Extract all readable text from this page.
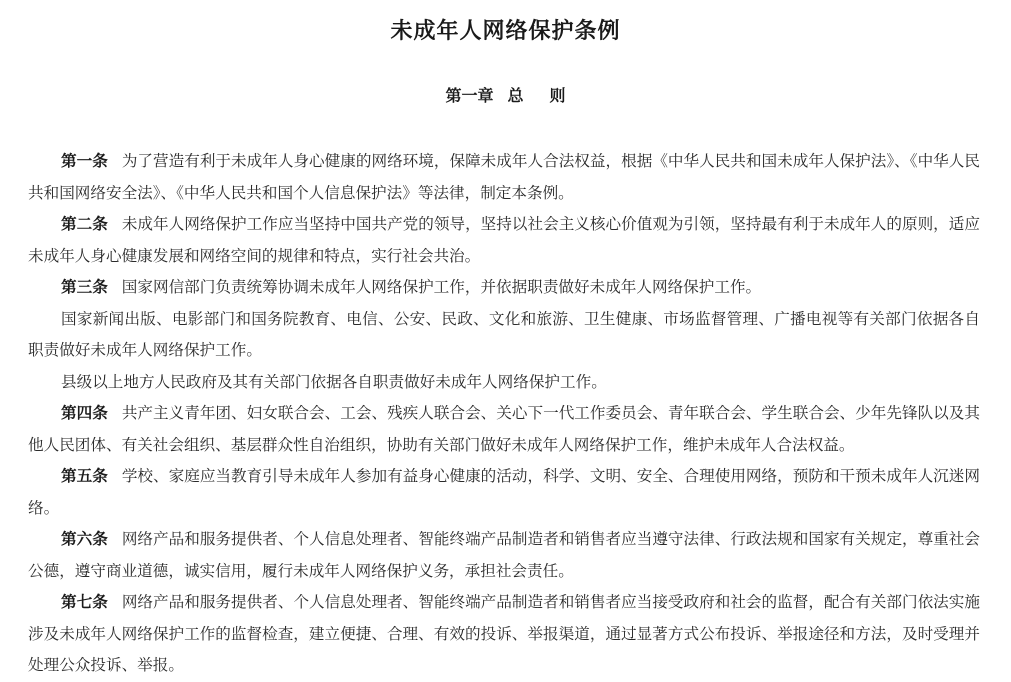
未成年人网络保护条例
第一章 总 则

第一条 为了营造有利于未成年人身心健康的网络环境，保障未成年人合法权益，根据《中华人民共和国未成年人保护法》、《中华人民共和国网络安全法》、《中华人民共和国个人信息保护法》等法律，制定本条例。

第二条 未成年人网络保护工作应当坚持中国共产党的领导，坚持以社会主义核心价值观为引领，坚持最有利于未成年人的原则，适应未成年人身心健康发展和网络空间的规律和特点，实行社会共治。

第三条 国家网信部门负责统筹协调未成年人网络保护工作，并依据职责做好未成年人网络保护工作。

国家新闻出版、电影部门和国务院教育、电信、公安、民政、文化和旅游、卫生健康、市场监督管理、广播电视等有关部门依据各自职责做好未成年人网络保护工作。

县级以上地方人民政府及其有关部门依据各自职责做好未成年人网络保护工作。

第四条 共产主义青年团、妇女联合会、工会、残疾人联合会、关心下一代工作委员会、青年联合会、学生联合会、少年先锋队以及其他人民团体、有关社会组织、基层群众性自治组织，协助有关部门做好未成年人网络保护工作，维护未成年人合法权益。

第五条 学校、家庭应当教育引导未成年人参加有益身心健康的活动，科学、文明、安全、合理使用网络，预防和干预未成年人沉迷网络。

第六条 网络产品和服务提供者、个人信息处理者、智能终端产品制造者和销售者应当遵守法律、行政法规和国家有关规定，尊重社会公德，遵守商业道德，诚实信用，履行未成年人网络保护义务，承担社会责任。

第七条 网络产品和服务提供者、个人信息处理者、智能终端产品制造者和销售者应当接受政府和社会的监督，配合有关部门依法实施涉及未成年人网络保护工作的监督检查，建立便捷、合理、有效的投诉、举报渠道，通过显著方式公布投诉、举报途径和方法，及时受理并处理公众投诉、举报。
